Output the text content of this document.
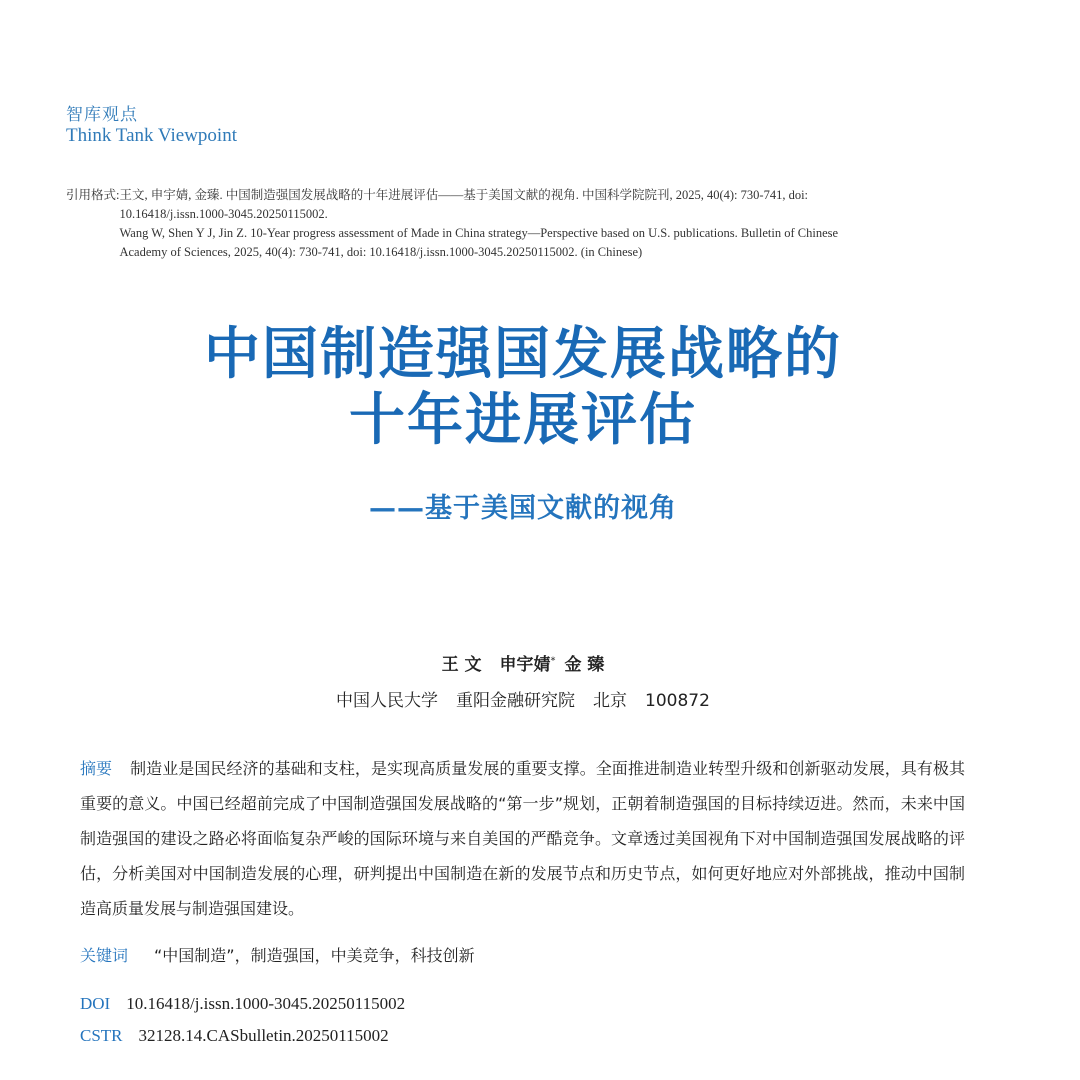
智库观点
Think Tank Viewpoint
引用格式: 王文, 申宇婧, 金臻. 中国制造强国发展战略的十年进展评估——基于美国文献的视角. 中国科学院院刊, 2025, 40(4): 730-741, doi:
10.16418/j.issn.1000-3045.20250115002.
Wang W, Shen Y J, Jin Z. 10-Year progress assessment of Made in China strategy—Perspective based on U.S. publications. Bulletin of Chinese
Academy of Sciences, 2025, 40(4): 730-741, doi: 10.16418/j.issn.1000-3045.20250115002. (in Chinese)
中国制造强国发展战略的
十年进展评估
——基于美国文献的视角
王 文 申宇婧* 金 臻
中国人民大学 重阳金融研究院 北京 100872
摘要 制造业是国民经济的基础和支柱，是实现高质量发展的重要支撑。全面推进制造业转型升级和创新驱动发展，具有极其重要的意义。中国已经超前完成了中国制造强国发展战略的“第一步”规划，正朝着制造强国的目标持续迈进。然而，未来中国制造强国的建设之路必将面临复杂严峻的国际环境与来自美国的严酷竞争。文章透过美国视角下对中国制造强国发展战略的评估，分析美国对中国制造发展的心理，研判提出中国制造在新的发展节点和历史节点，如何更好地应对外部挑战，推动中国制造高质量发展与制造强国建设。
关键词 “中国制造”，制造强国，中美竞争，科技创新
DOI 10.16418/j.issn.1000-3045.20250115002
CSTR 32128.14.CASbulletin.20250115002
